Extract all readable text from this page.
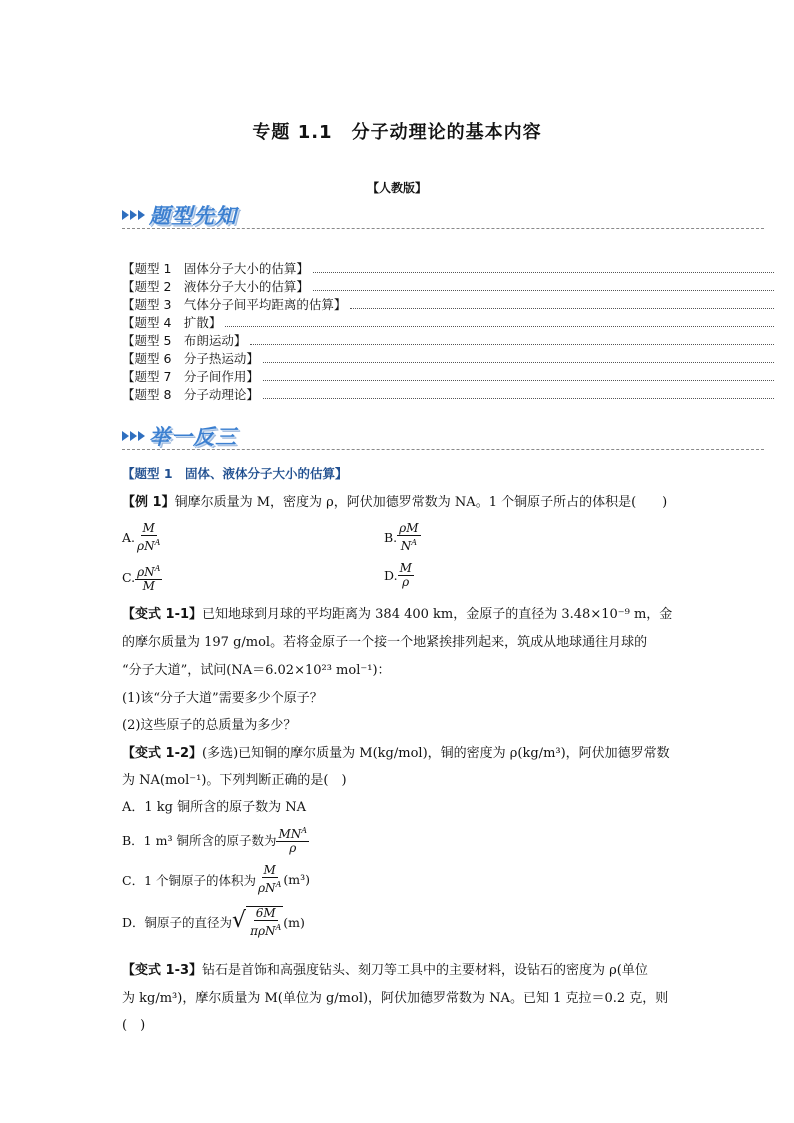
专题 1.1　分子动理论的基本内容
【人教版】
题型先知
【题型 1　固体分子大小的估算】
【题型 2　液体分子大小的估算】
【题型 3　气体分子间平均距离的估算】
【题型 4　扩散】
【题型 5　布朗运动】
【题型 6　分子热运动】
【题型 7　分子间作用】
【题型 8　分子动理论】
举一反三
【题型 1　固体、液体分子大小的估算】
【例 1】铜摩尔质量为 M，密度为 ρ，阿伏加德罗常数为 NA。1 个铜原子所占的体积是(　　)
A. $\frac{M}{\rho N^A}$	B. $\frac{\rho M}{N^A}$
C. $\frac{\rho N^A}{M}$	D. $\frac{M}{\rho}$
【变式 1-1】已知地球到月球的平均距离为 384 400 km，金原子的直径为 3.48×10⁻⁹ m，金
的摩尔质量为 197 g/mol。若将金原子一个接一个地紧挨排列起来，筑成从地球通往月球的
“分子大道”，试问(NA＝6.02×10²³ mol⁻¹)：
(1)该“分子大道”需要多少个原子？
(2)这些原子的总质量为多少？
【变式 1-2】(多选)已知铜的摩尔质量为 M(kg/mol)，铜的密度为 ρ(kg/m³)，阿伏加德罗常数
为 NA(mol⁻¹)。下列判断正确的是(　)
A．1 kg 铜所含的原子数为 NA
B．1 m³ 铜所含的原子数为 $\frac{MN^A}{\rho}$
C．1 个铜原子的体积为 $\frac{M}{\rho N^A} (m^3)$
D．铜原子的直径为 √ $\frac{6M}{\pi\rho N^A} (m)$
【变式 1-3】钻石是首饰和高强度钻头、刻刀等工具中的主要材料，设钻石的密度为 ρ(单位
为 kg/m³)，摩尔质量为 M(单位为 g/mol)，阿伏加德罗常数为 NA。已知 1 克拉＝0.2 克，则
(　)
